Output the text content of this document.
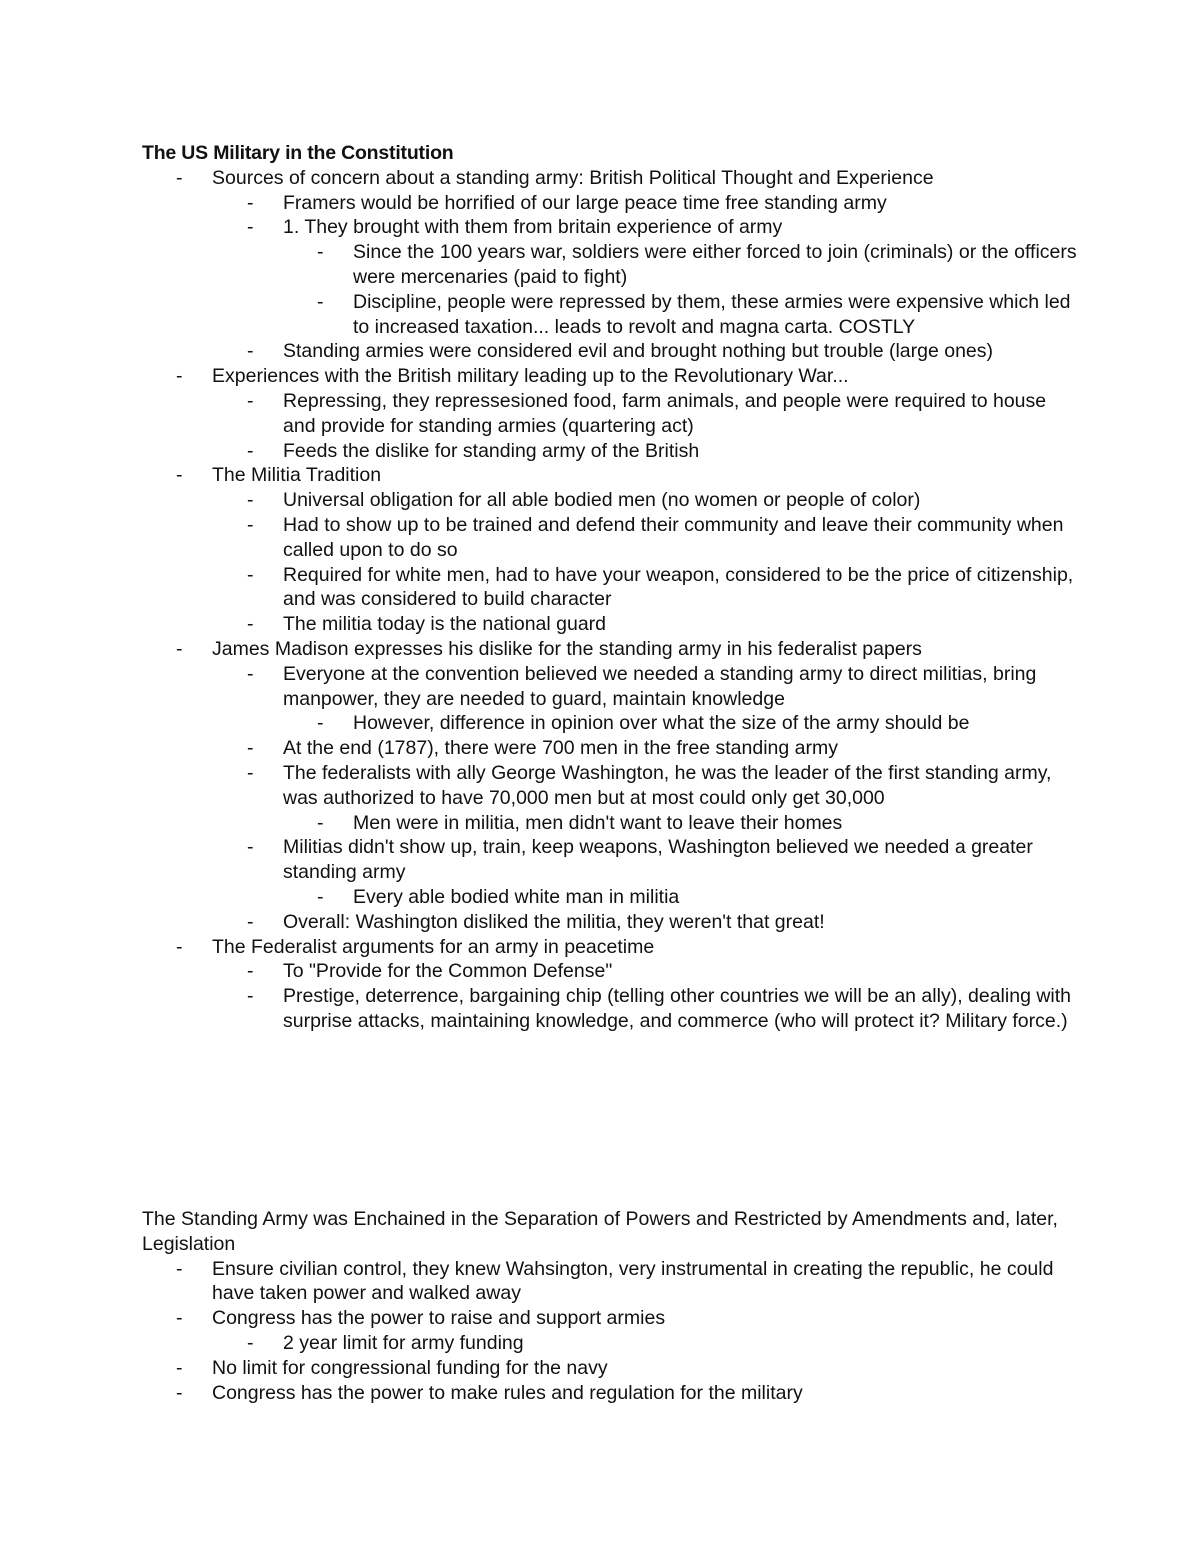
The US Military in the Constitution
- Sources of concern about a standing army: British Political Thought and Experience
- Framers would be horrified of our large peace time free standing army
- 1. They brought with them from britain experience of army
- Since the 100 years war, soldiers were either forced to join (criminals) or the officers were mercenaries (paid to fight)
- Discipline, people were repressed by them, these armies were expensive which led to increased taxation... leads to revolt and magna carta. COSTLY
- Standing armies were considered evil and brought nothing but trouble (large ones)
- Experiences with the British military leading up to the Revolutionary War...
- Repressing, they repressesioned food, farm animals, and people were required to house and provide for standing armies (quartering act)
- Feeds the dislike for standing army of the British
- The Militia Tradition
- Universal obligation for all able bodied men (no women or people of color)
- Had to show up to be trained and defend their community and leave their community when called upon to do so
- Required for white men, had to have your weapon, considered to be the price of citizenship, and was considered to build character
- The militia today is the national guard
- James Madison expresses his dislike for the standing army in his federalist papers
- Everyone at the convention believed we needed a standing army to direct militias, bring manpower, they are needed to guard, maintain knowledge
- However, difference in opinion over what the size of the army should be
- At the end (1787), there were 700 men in the free standing army
- The federalists with ally George Washington, he was the leader of the first standing army, was authorized to have 70,000 men but at most could only get 30,000
- Men were in militia, men didn't want to leave their homes
- Militias didn't show up, train, keep weapons, Washington believed we needed a greater standing army
- Every able bodied white man in militia
- Overall: Washington disliked the militia, they weren't that great!
- The Federalist arguments for an army in peacetime
- To "Provide for the Common Defense"
- Prestige, deterrence, bargaining chip (telling other countries we will be an ally), dealing with surprise attacks, maintaining knowledge, and commerce (who will protect it? Military force.)
The Standing Army was Enchained in the Separation of Powers and Restricted by Amendments and, later, Legislation
- Ensure civilian control, they knew Wahsington, very instrumental in creating the republic, he could have taken power and walked away
- Congress has the power to raise and support armies
- 2 year limit for army funding
- No limit for congressional funding for the navy
- Congress has the power to make rules and regulation for the military
